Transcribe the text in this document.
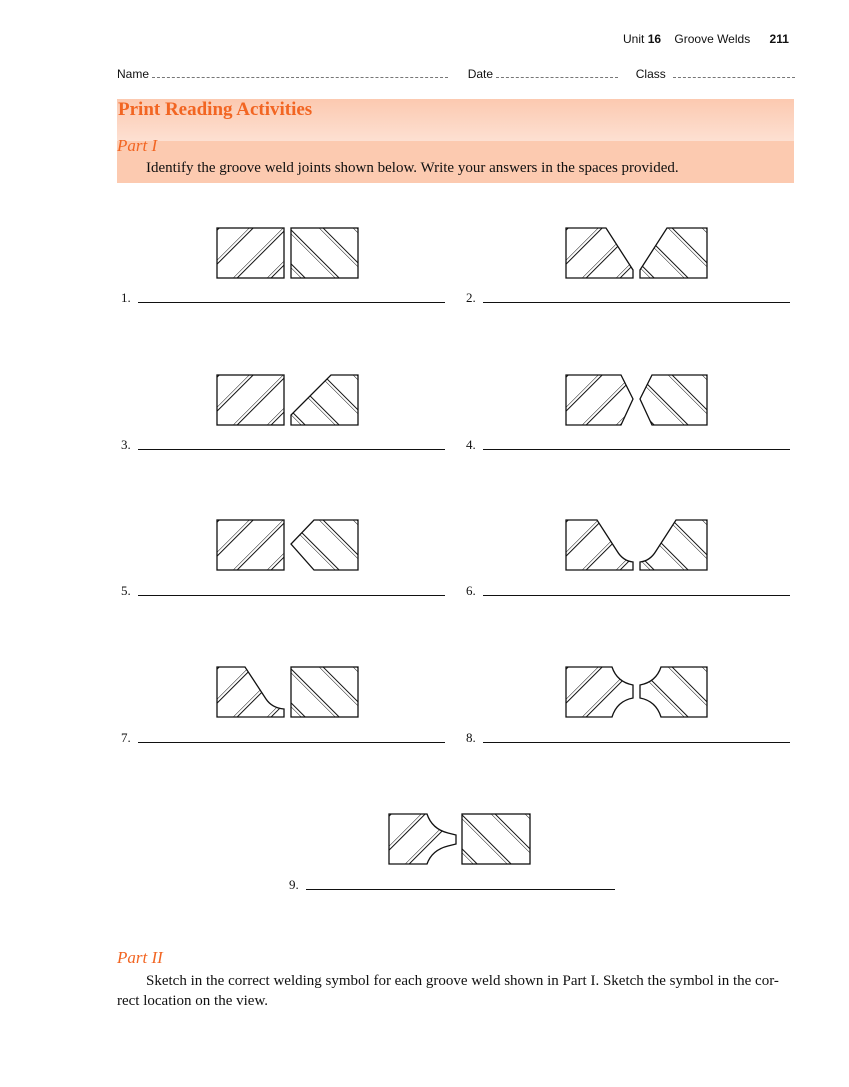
Unit 16 Groove Welds 211
Name	Date	Class
Print Reading Activities
Part I
Identify the groove weld joints shown below. Write your answers in the spaces provided.
1.	2.
3.	4.
5.	6.
7.	8.
9.
Part II
Sketch in the correct welding symbol for each groove weld shown in Part I. Sketch the symbol in the cor-
rect location on the view.
